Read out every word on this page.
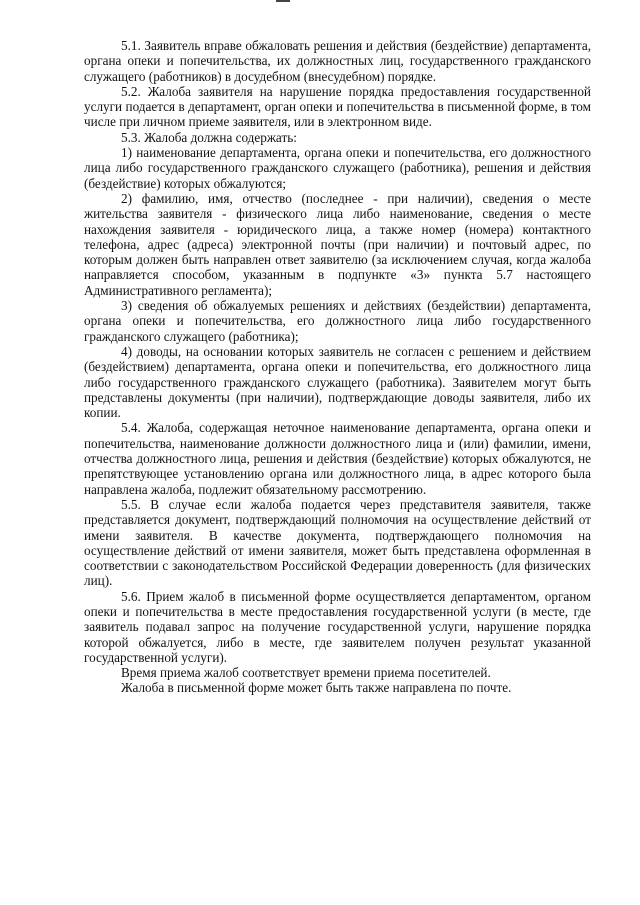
5.1. Заявитель вправе обжаловать решения и действия (бездействие) департамента, органа опеки и попечительства, их должностных лиц, государственного гражданского служащего (работников) в досудебном (внесудебном) порядке.

5.2. Жалоба заявителя на нарушение порядка предоставления государственной услуги подается в департамент, орган опеки и попечительства в письменной форме, в том числе при личном приеме заявителя, или в электронном виде.

5.3. Жалоба должна содержать:

1) наименование департамента, органа опеки и попечительства, его должностного лица либо государственного гражданского служащего (работника), решения и действия (бездействие) которых обжалуются;

2) фамилию, имя, отчество (последнее - при наличии), сведения о месте жительства заявителя - физического лица либо наименование, сведения о месте нахождения заявителя - юридического лица, а также номер (номера) контактного телефона, адрес (адреса) электронной почты (при наличии) и почтовый адрес, по которым должен быть направлен ответ заявителю (за исключением случая, когда жалоба направляется способом, указанным в подпункте «3» пункта 5.7 настоящего Административного регламента);

3) сведения об обжалуемых решениях и действиях (бездействии) департамента, органа опеки и попечительства, его должностного лица либо государственного гражданского служащего (работника);

4) доводы, на основании которых заявитель не согласен с решением и действием (бездействием) департамента, органа опеки и попечительства, его должностного лица либо государственного гражданского служащего (работника). Заявителем могут быть представлены документы (при наличии), подтверждающие доводы заявителя, либо их копии.

5.4. Жалоба, содержащая неточное наименование департамента, органа опеки и попечительства, наименование должности должностного лица и (или) фамилии, имени, отчества должностного лица, решения и действия (бездействие) которых обжалуются, не препятствующее установлению органа или должностного лица, в адрес которого была направлена жалоба, подлежит обязательному рассмотрению.

5.5. В случае если жалоба подается через представителя заявителя, также представляется документ, подтверждающий полномочия на осуществление действий от имени заявителя. В качестве документа, подтверждающего полномочия на осуществление действий от имени заявителя, может быть представлена оформленная в соответствии с законодательством Российской Федерации доверенность (для физических лиц).

5.6. Прием жалоб в письменной форме осуществляется департаментом, органом опеки и попечительства в месте предоставления государственной услуги (в месте, где заявитель подавал запрос на получение государственной услуги, нарушение порядка которой обжалуется, либо в месте, где заявителем получен результат указанной государственной услуги).

Время приема жалоб соответствует времени приема посетителей.

Жалоба в письменной форме может быть также направлена по почте.
